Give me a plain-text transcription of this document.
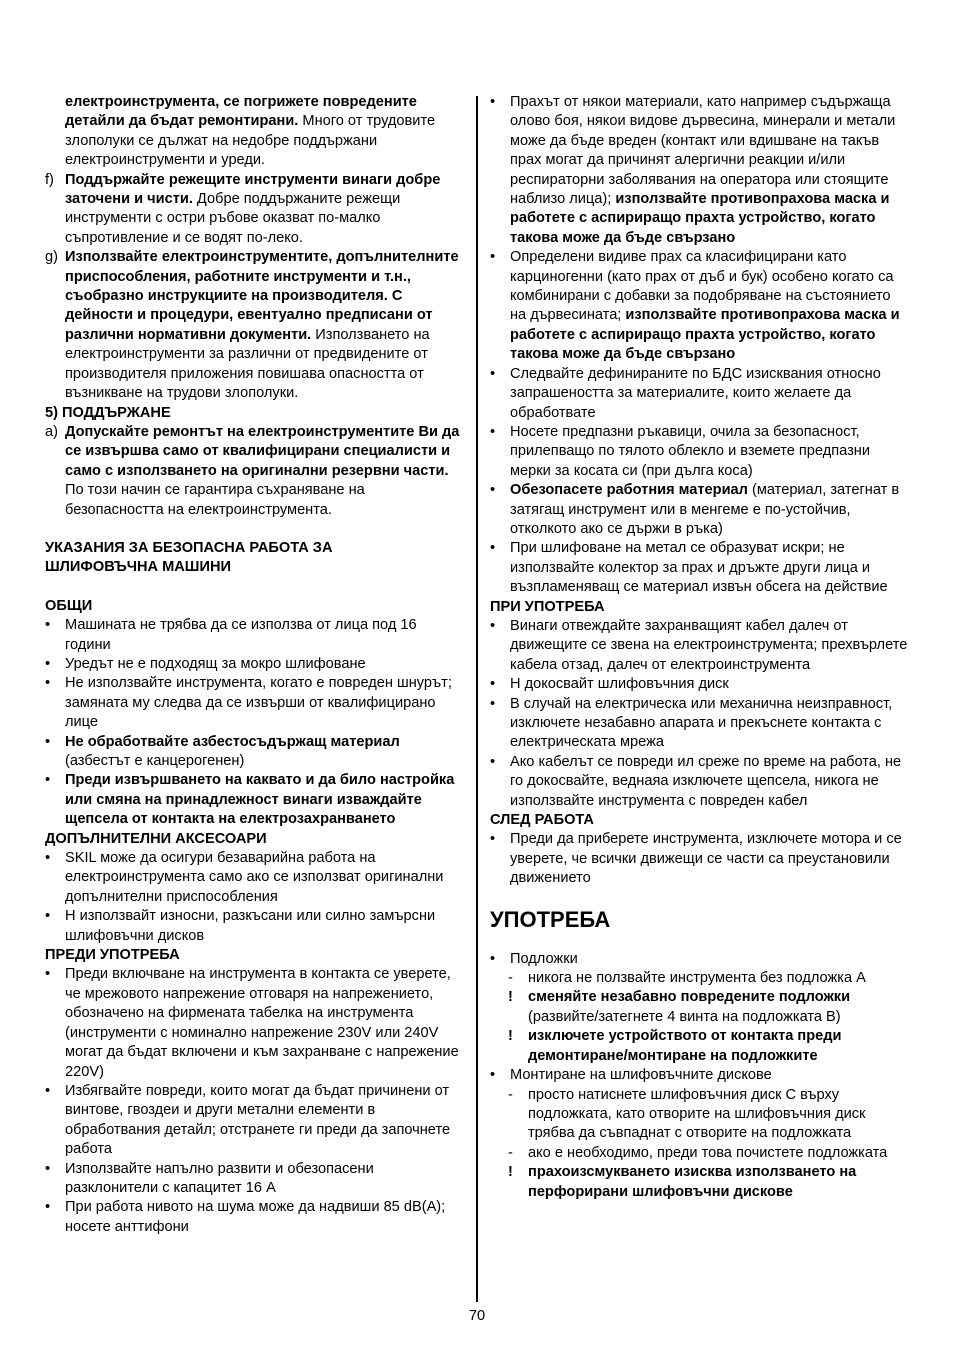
електроинструмента, се погрижете повредените детайли да бъдат ремонтирани. Много от трудовите злополуки се дължат на недобре поддържани електроинструменти и уреди.
f) Поддържайте режещите инструменти винаги добре заточени и чисти. Добре поддържаните режещи инструменти с остри ръбове оказват по-малко съпротивление и се водят по-леко.
g) Използвайте електроинструментите, допълнителните приспособления, работните инструменти и т.н., съобразно инструкциите на производителя. С дейности и процедури, евентуално предписани от различни нормативни документи. Използването на електроинструменти за различни от предвидените от производителя приложения повишава опасността от възникване на трудови злополуки.
5) ПОДДЪРЖАНЕ
a) Допускайте ремонтът на електроинструментите Ви да се извършва само от квалифицирани специалисти и само с използването на оригинални резервни части. По този начин се гарантира съхраняване на безопасността на електроинструмента.
УКАЗАНИЯ ЗА БЕЗОПАСНА РАБОТА ЗА ШЛИФОВЪЧНА МАШИНИ
ОБЩИ
• Машината не трябва да се използва от лица под 16 години
• Уредът не е подходящ за мокро шлифоване
• Не използвайте инструмента, когато е повреден шнурът; замяната му следва да се извърши от квалифицирано лице
• Не обработвайте азбестосъдържащ материал (азбестът е канцерогенен)
• Преди извършването на каквато и да било настройка или смяна на принадлежност винаги изваждайте щепсела от контакта на електрозахранването
ДОПЪЛНИТЕЛНИ АКСЕСОАРИ
• SKIL може да осигури безаварийна работа на електроинструмента само ако се използват оригинални допълнителни приспособления
• Н използвайт износни, разкъсани или силно замърсни шлифовъчни дисков
ПРЕДИ УПОТРЕБА
• Преди включване на инструмента в контакта се уверете, че мрежовото напрежение отговаря на напрежението, обозначено на фирмената табелка на инструмента (инструменти с номинално напрежение 230V или 240V могат да бъдат включени и към захранване с напрежение 220V)
• Избягвайте повреди, които могат да бъдат причинени от винтове, гвоздеи и други метални елементи в обработвания детайл; отстранете ги преди да започнете работа
• Използвайте напълно развити и обезопасени разклонители с капацитет 16 A
• При работа нивото на шума може да надвиши 85 dB(A); носете анттифони
• Прахът от някои материали, като например съдържаща олово боя, някои видове дървесина, минерали и метали може да бъде вреден (контакт или вдишване на такъв прах могат да причинят алергични реакции и/или респираторни заболявания на оператора или стоящите наблизо лица); използвайте противопрахова маска и работете с аспириращо прахта устройство, когато такова може да бъде свързано
• Определени видиве прах са класифицирани като карциногенни (като прах от дъб и бук) особено когато са комбинирани с добавки за подобряване на състоянието на дървесината; използвайте противопрахова маска и работете с аспириращо прахта устройство, когато такова може да бъде свързано
• Следвайте дефинираните по БДС изисквания относно запрашеността за материалите, които желаете да обработвате
• Носете предпазни ръкавици, очила за безопасност, прилепващо по тялото облекло и вземете предпазни мерки за косата си (при дълга коса)
• Обезопасете работния материал (материал, затегнат в затягащ инструмент или в менгеме е по-устойчив, отколкото ако се държи в ръка)
• При шлифоване на метал се образуват искри; не използвайте колектор за прах и дръжте други лица и възпламеняващ се материал извън обсега на действие
ПРИ УПОТРЕБА
• Винаги отвеждайте захранващият кабел далеч от движещите се звена на електроинструмента; прехвърлете кабела отзад, далеч от електроинструмента
• Н докосвайт шлифовъчния диск
• В случай на електрическа или механична неизправност, изключете незабавно апарата и прекъснете контакта с електрическата мрежа
• Ако кабелът се повреди ил среже по време на работа, не го докосвайте, веднаяа изключете щепсела, никога не използвайте инструмента с повреден кабел
СЛЕД РАБОТА
• Преди да приберете инструмента, изключете мотора и се уверете, че всички движещи се части са преустановили движението
УПОТРЕБА
• Подложки
- никога не ползвайте инструмента без подложка A
! сменяйте незабавно повредените подложки (развийте/затегнете 4 винта на подложката B)
! изключете устройството от контакта преди демонтиране/монтиране на подложките
• Монтиране на шлифовъчните дискове
- просто натиснете шлифовъчния диск C върху подложката, като отворите на шлифовъчния диск трябва да съвпаднат с отворите на подложката
- ако е необходимо, преди това почистете подложката
! прахоизсмукването изисква използването на перфорирани шлифовъчни дискове
70
